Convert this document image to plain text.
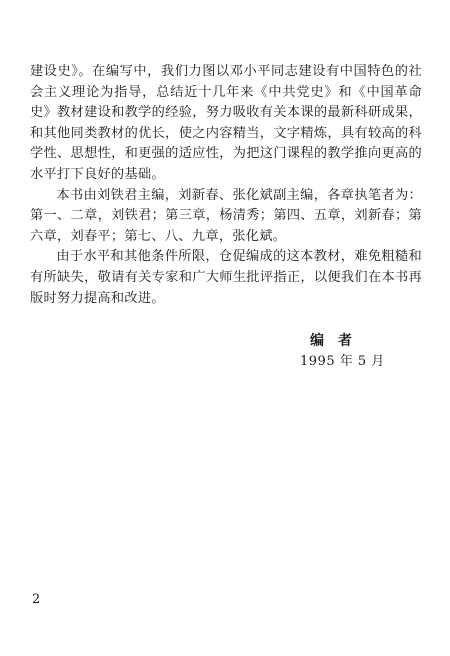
建设史》。在编写中，我们力图以邓小平同志建设有中国特色的社会主义理论为指导，总结近十几年来《中共党史》和《中国革命史》教材建设和教学的经验，努力吸收有关本课的最新科研成果，和其他同类教材的优长，使之内容精当，文字精炼，具有较高的科学性、思想性，和更强的适应性，为把这门课程的教学推向更高的水平打下良好的基础。

本书由刘铁君主编，刘新春、张化斌副主编，各章执笔者为：第一、二章，刘铁君；第三章，杨清秀；第四、五章，刘新春；第六章，刘春平；第七、八、九章，张化斌。

由于水平和其他条件所限，仓促编成的这本教材，难免粗糙和有所缺失，敬请有关专家和广大师生批评指正，以便我们在本书再版时努力提高和改进。

编者
1995 年 5 月
2
